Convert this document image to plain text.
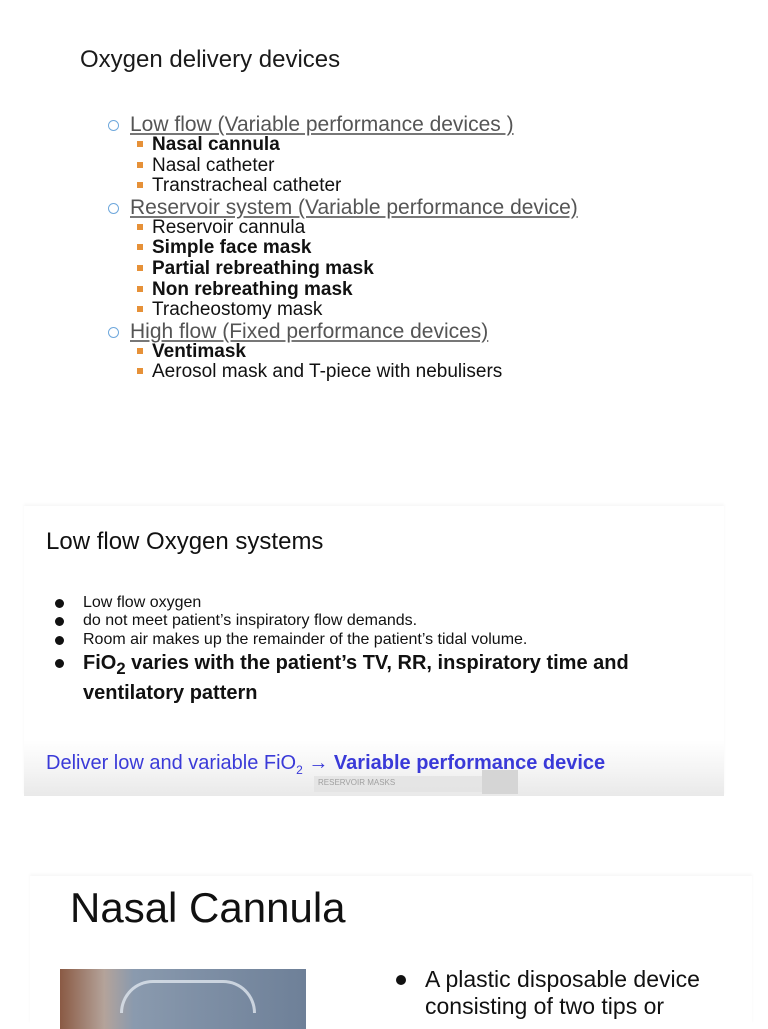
Oxygen delivery devices
Low flow (Variable performance devices )
Nasal cannula
Nasal catheter
Transtracheal catheter
Reservoir system (Variable performance device)
Reservoir cannula
Simple face mask
Partial rebreathing mask
Non rebreathing mask
Tracheostomy mask
High flow (Fixed performance devices)
Ventimask
Aerosol mask and T-piece with nebulisers
Low flow Oxygen systems
Low flow oxygen
do not meet patient’s inspiratory flow demands.
Room air makes up the remainder of the patient’s tidal volume.
FiO$_2$ varies with the patient’s TV, RR, inspiratory time and ventilatory pattern
RESERVOIR MASKS
Deliver low and variable FiO$_2$ → Variable performance device
Nasal Cannula
A plastic disposable device consisting of two tips or
